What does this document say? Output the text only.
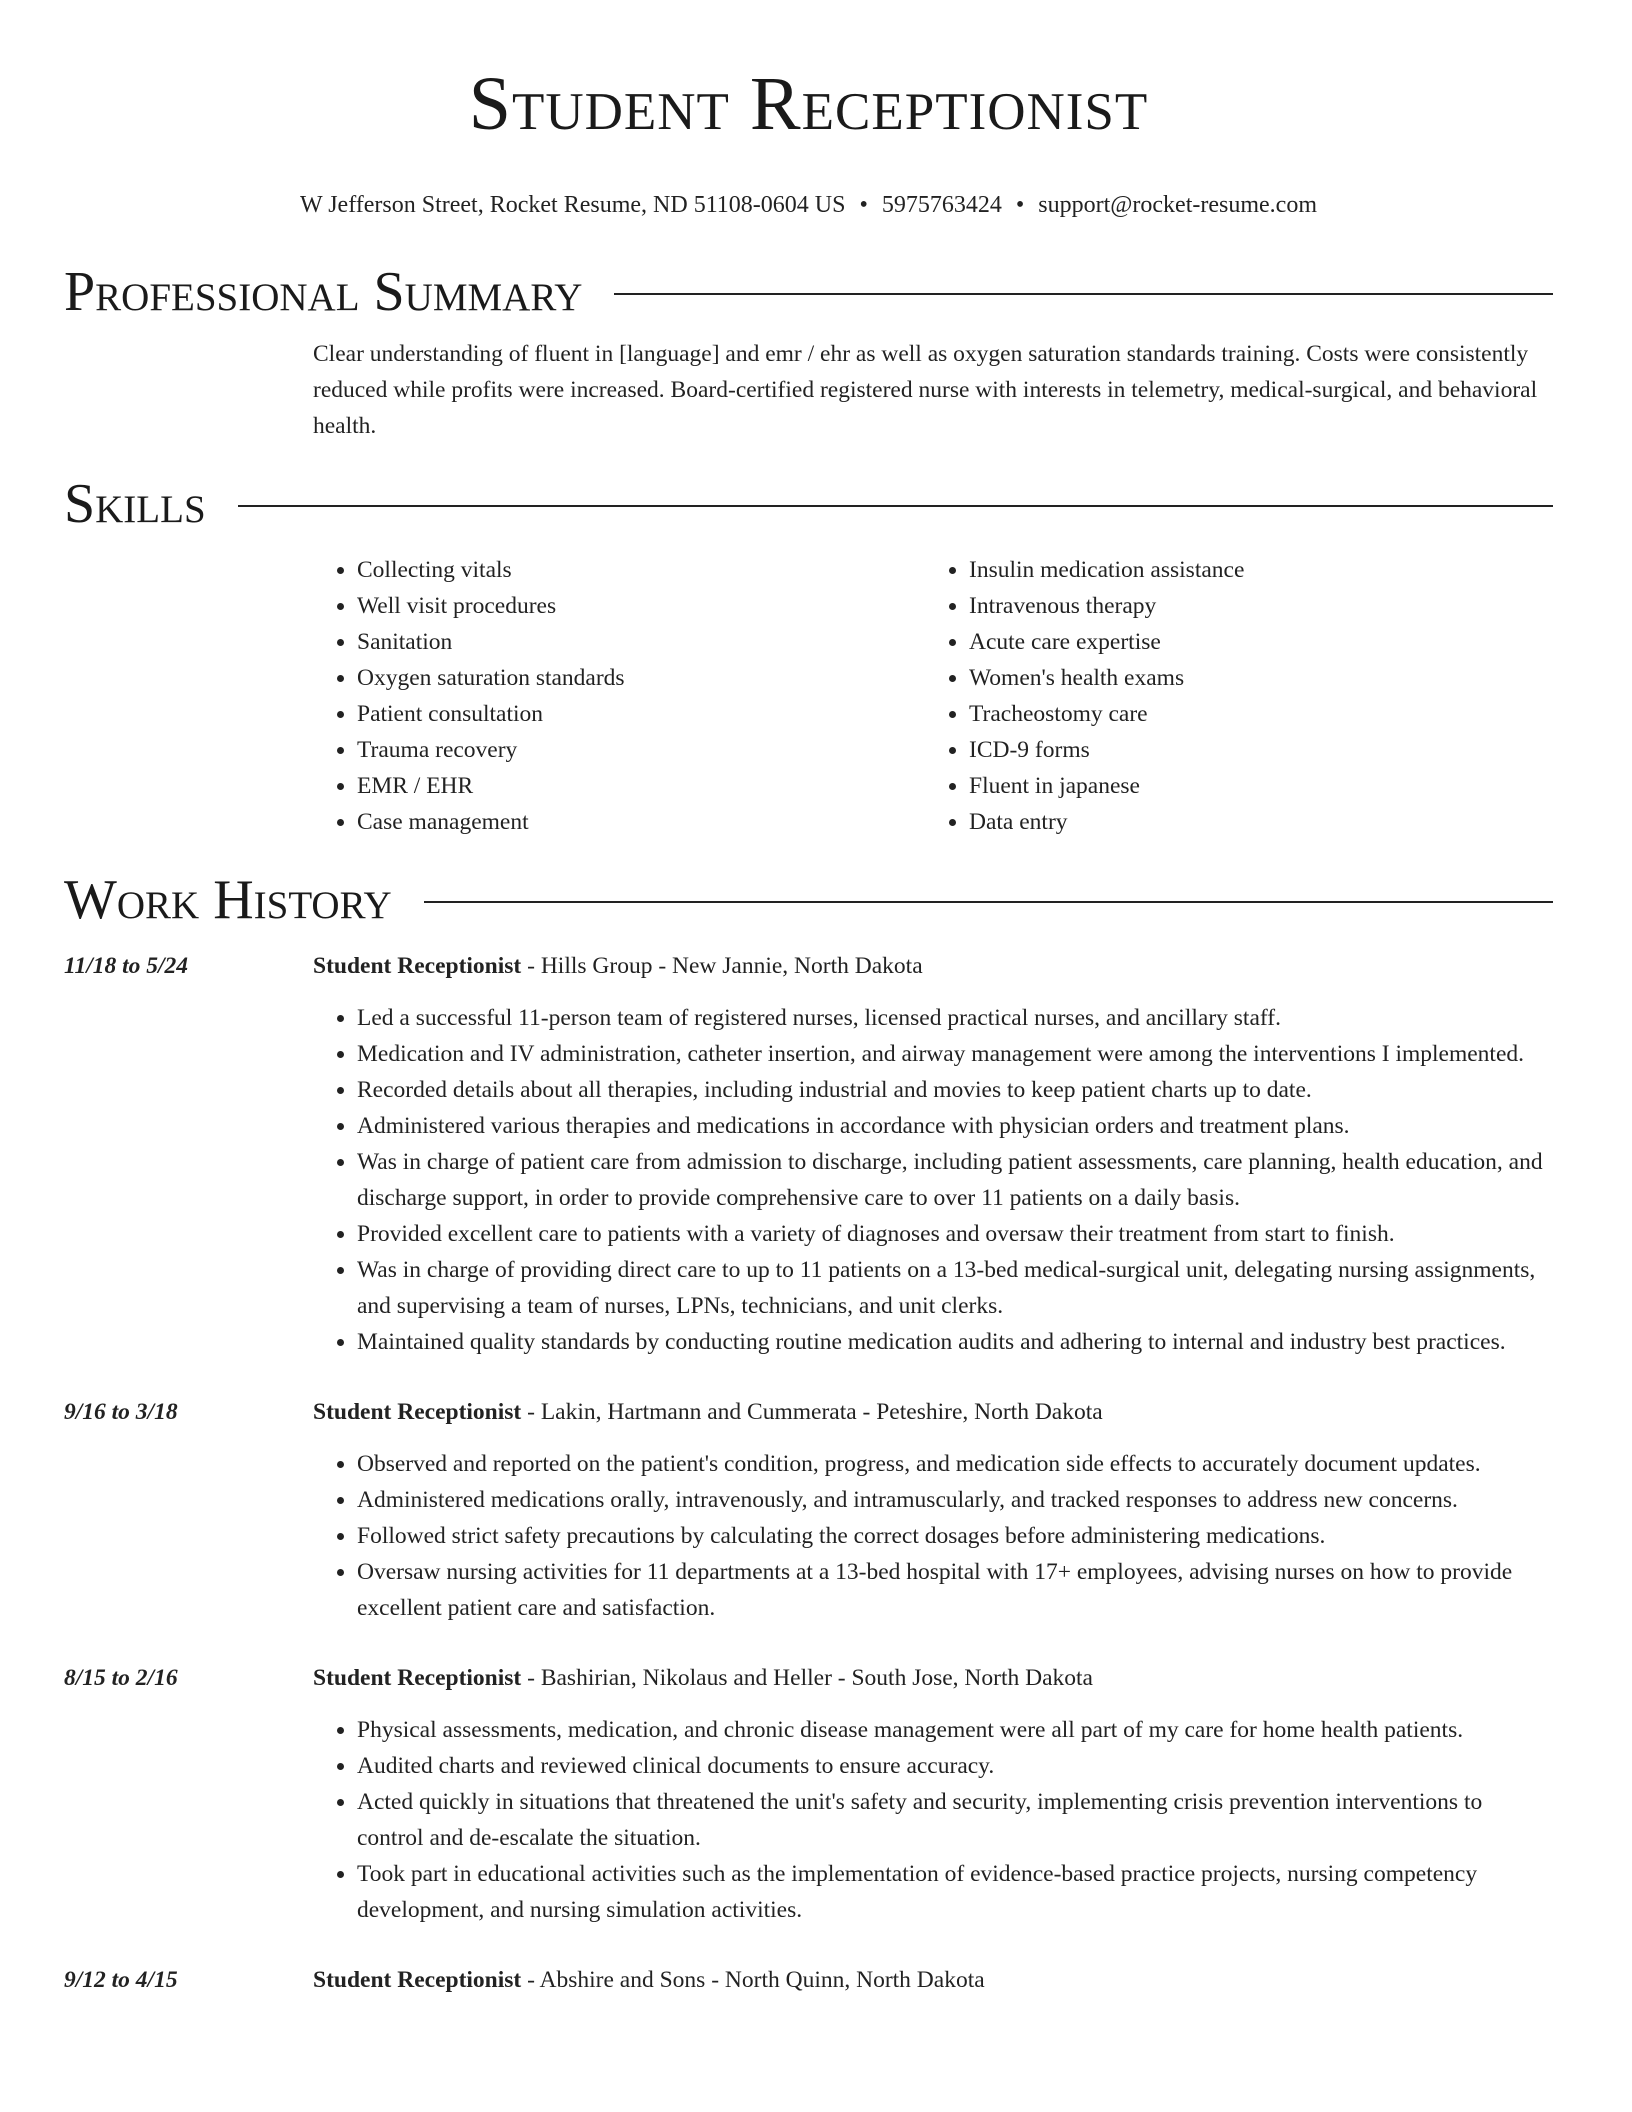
Student Receptionist
W Jefferson Street, Rocket Resume, ND 51108-0604 US • 5975763424 • support@rocket-resume.com
Professional Summary
Clear understanding of fluent in [language] and emr / ehr as well as oxygen saturation standards training. Costs were consistently reduced while profits were increased. Board-certified registered nurse with interests in telemetry, medical-surgical, and behavioral health.
Skills
• Collecting vitals
• Well visit procedures
• Sanitation
• Oxygen saturation standards
• Patient consultation
• Trauma recovery
• EMR / EHR
• Case management
• Insulin medication assistance
• Intravenous therapy
• Acute care expertise
• Women's health exams
• Tracheostomy care
• ICD-9 forms
• Fluent in japanese
• Data entry
Work History
11/18 to 5/24	Student Receptionist - Hills Group - New Jannie, North Dakota
• Led a successful 11-person team of registered nurses, licensed practical nurses, and ancillary staff.
• Medication and IV administration, catheter insertion, and airway management were among the interventions I implemented.
• Recorded details about all therapies, including industrial and movies to keep patient charts up to date.
• Administered various therapies and medications in accordance with physician orders and treatment plans.
• Was in charge of patient care from admission to discharge, including patient assessments, care planning, health education, and discharge support, in order to provide comprehensive care to over 11 patients on a daily basis.
• Provided excellent care to patients with a variety of diagnoses and oversaw their treatment from start to finish.
• Was in charge of providing direct care to up to 11 patients on a 13-bed medical-surgical unit, delegating nursing assignments, and supervising a team of nurses, LPNs, technicians, and unit clerks.
• Maintained quality standards by conducting routine medication audits and adhering to internal and industry best practices.
9/16 to 3/18	Student Receptionist - Lakin, Hartmann and Cummerata - Peteshire, North Dakota
• Observed and reported on the patient's condition, progress, and medication side effects to accurately document updates.
• Administered medications orally, intravenously, and intramuscularly, and tracked responses to address new concerns.
• Followed strict safety precautions by calculating the correct dosages before administering medications.
• Oversaw nursing activities for 11 departments at a 13-bed hospital with 17+ employees, advising nurses on how to provide excellent patient care and satisfaction.
8/15 to 2/16	Student Receptionist - Bashirian, Nikolaus and Heller - South Jose, North Dakota
• Physical assessments, medication, and chronic disease management were all part of my care for home health patients.
• Audited charts and reviewed clinical documents to ensure accuracy.
• Acted quickly in situations that threatened the unit's safety and security, implementing crisis prevention interventions to control and de-escalate the situation.
• Took part in educational activities such as the implementation of evidence-based practice projects, nursing competency development, and nursing simulation activities.
9/12 to 4/15	Student Receptionist - Abshire and Sons - North Quinn, North Dakota
